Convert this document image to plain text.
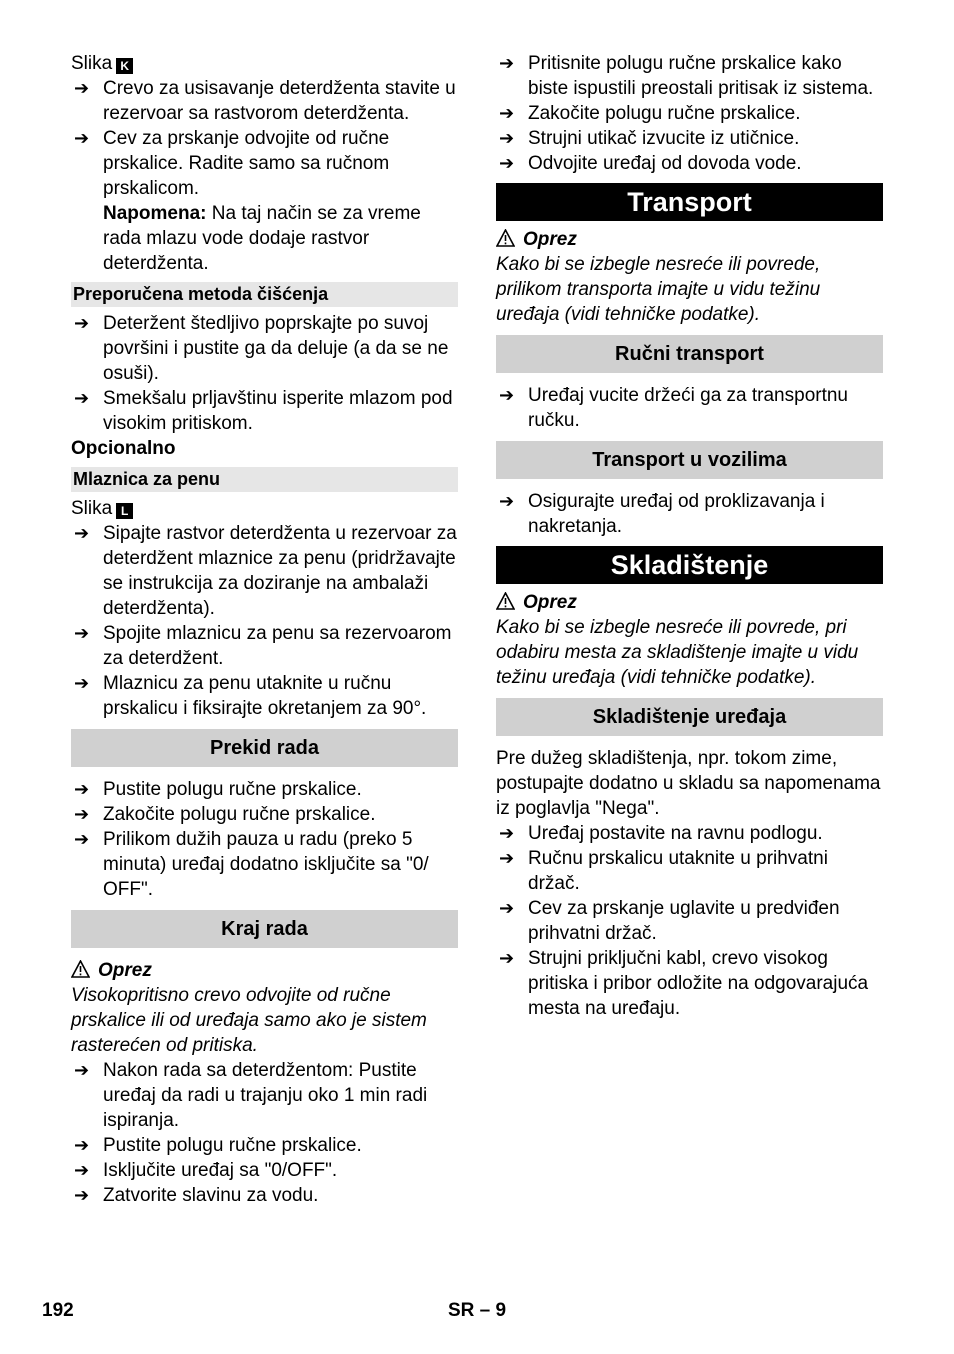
Slika K

➔ Crevo za usisavanje deterdženta stavite u rezervoar sa rastvorom deterdženta.

➔ Cev za prskanje odvojite od ručne prskalice. Radite samo sa ručnom prskalicom.
Napomena: Na taj način se za vreme rada mlazu vode dodaje rastvor deterdženta.

Preporučena metoda čišćenja

➔ Deteržent štedljivo poprskajte po suvoj površini i pustite ga da deluje (a da se ne osuši).

➔ Smekšalu prljavštinu isperite mlazom pod visokim pritiskom.

Opcionalno

Mlaznica za penu

Slika L

➔ Sipajte rastvor deterdženta u rezervoar za deterdžent mlaznice za penu (pridržavajte se instrukcija za doziranje na ambalaži deterdženta).

➔ Spojite mlaznicu za penu sa rezervoarom za deterdžent.

➔ Mlaznicu za penu utaknite u ručnu prskalicu i fiksirajte okretanjem za 90°.

Prekid rada

➔ Pustite polugu ručne prskalice.

➔ Zakočite polugu ručne prskalice.

➔ Prilikom dužih pauza u radu (preko 5 minuta) uređaj dodatno isključite sa "0/ OFF".

Kraj rada

Oprez

Visokopritisno crevo odvojite od ručne prskalice ili od uređaja samo ako je sistem rasterećen od pritiska.

➔ Nakon rada sa deterdžentom: Pustite uređaj da radi u trajanju oko 1 min radi ispiranja.

➔ Pustite polugu ručne prskalice.

➔ Isključite uređaj sa "0/OFF".

➔ Zatvorite slavinu za vodu.

➔ Pritisnite polugu ručne prskalice kako biste ispustili preostali pritisak iz sistema.

➔ Zakočite polugu ručne prskalice.

➔ Strujni utikač izvucite iz utičnice.

➔ Odvojite uređaj od dovoda vode.

Transport

Oprez

Kako bi se izbegle nesreće ili povrede, prilikom transporta imajte u vidu težinu uređaja (vidi tehničke podatke).

Ručni transport

➔ Uređaj vucite držeći ga za transportnu ručku.

Transport u vozilima

➔ Osigurajte uređaj od proklizavanja i nakretanja.

Skladištenje

Oprez

Kako bi se izbegle nesreće ili povrede, pri odabiru mesta za skladištenje imajte u vidu težinu uređaja (vidi tehničke podatke).

Skladištenje uređaja

Pre dužeg skladištenja, npr. tokom zime, postupajte dodatno u skladu sa napomenama iz poglavlja "Nega".

➔ Uređaj postavite na ravnu podlogu.

➔ Ručnu prskalicu utaknite u prihvatni držač.

➔ Cev za prskanje uglavite u predviđen prihvatni držač.

➔ Strujni priključni kabl, crevo visokog pritiska i pribor odložite na odgovarajuća mesta na uređaju.

192	SR – 9
